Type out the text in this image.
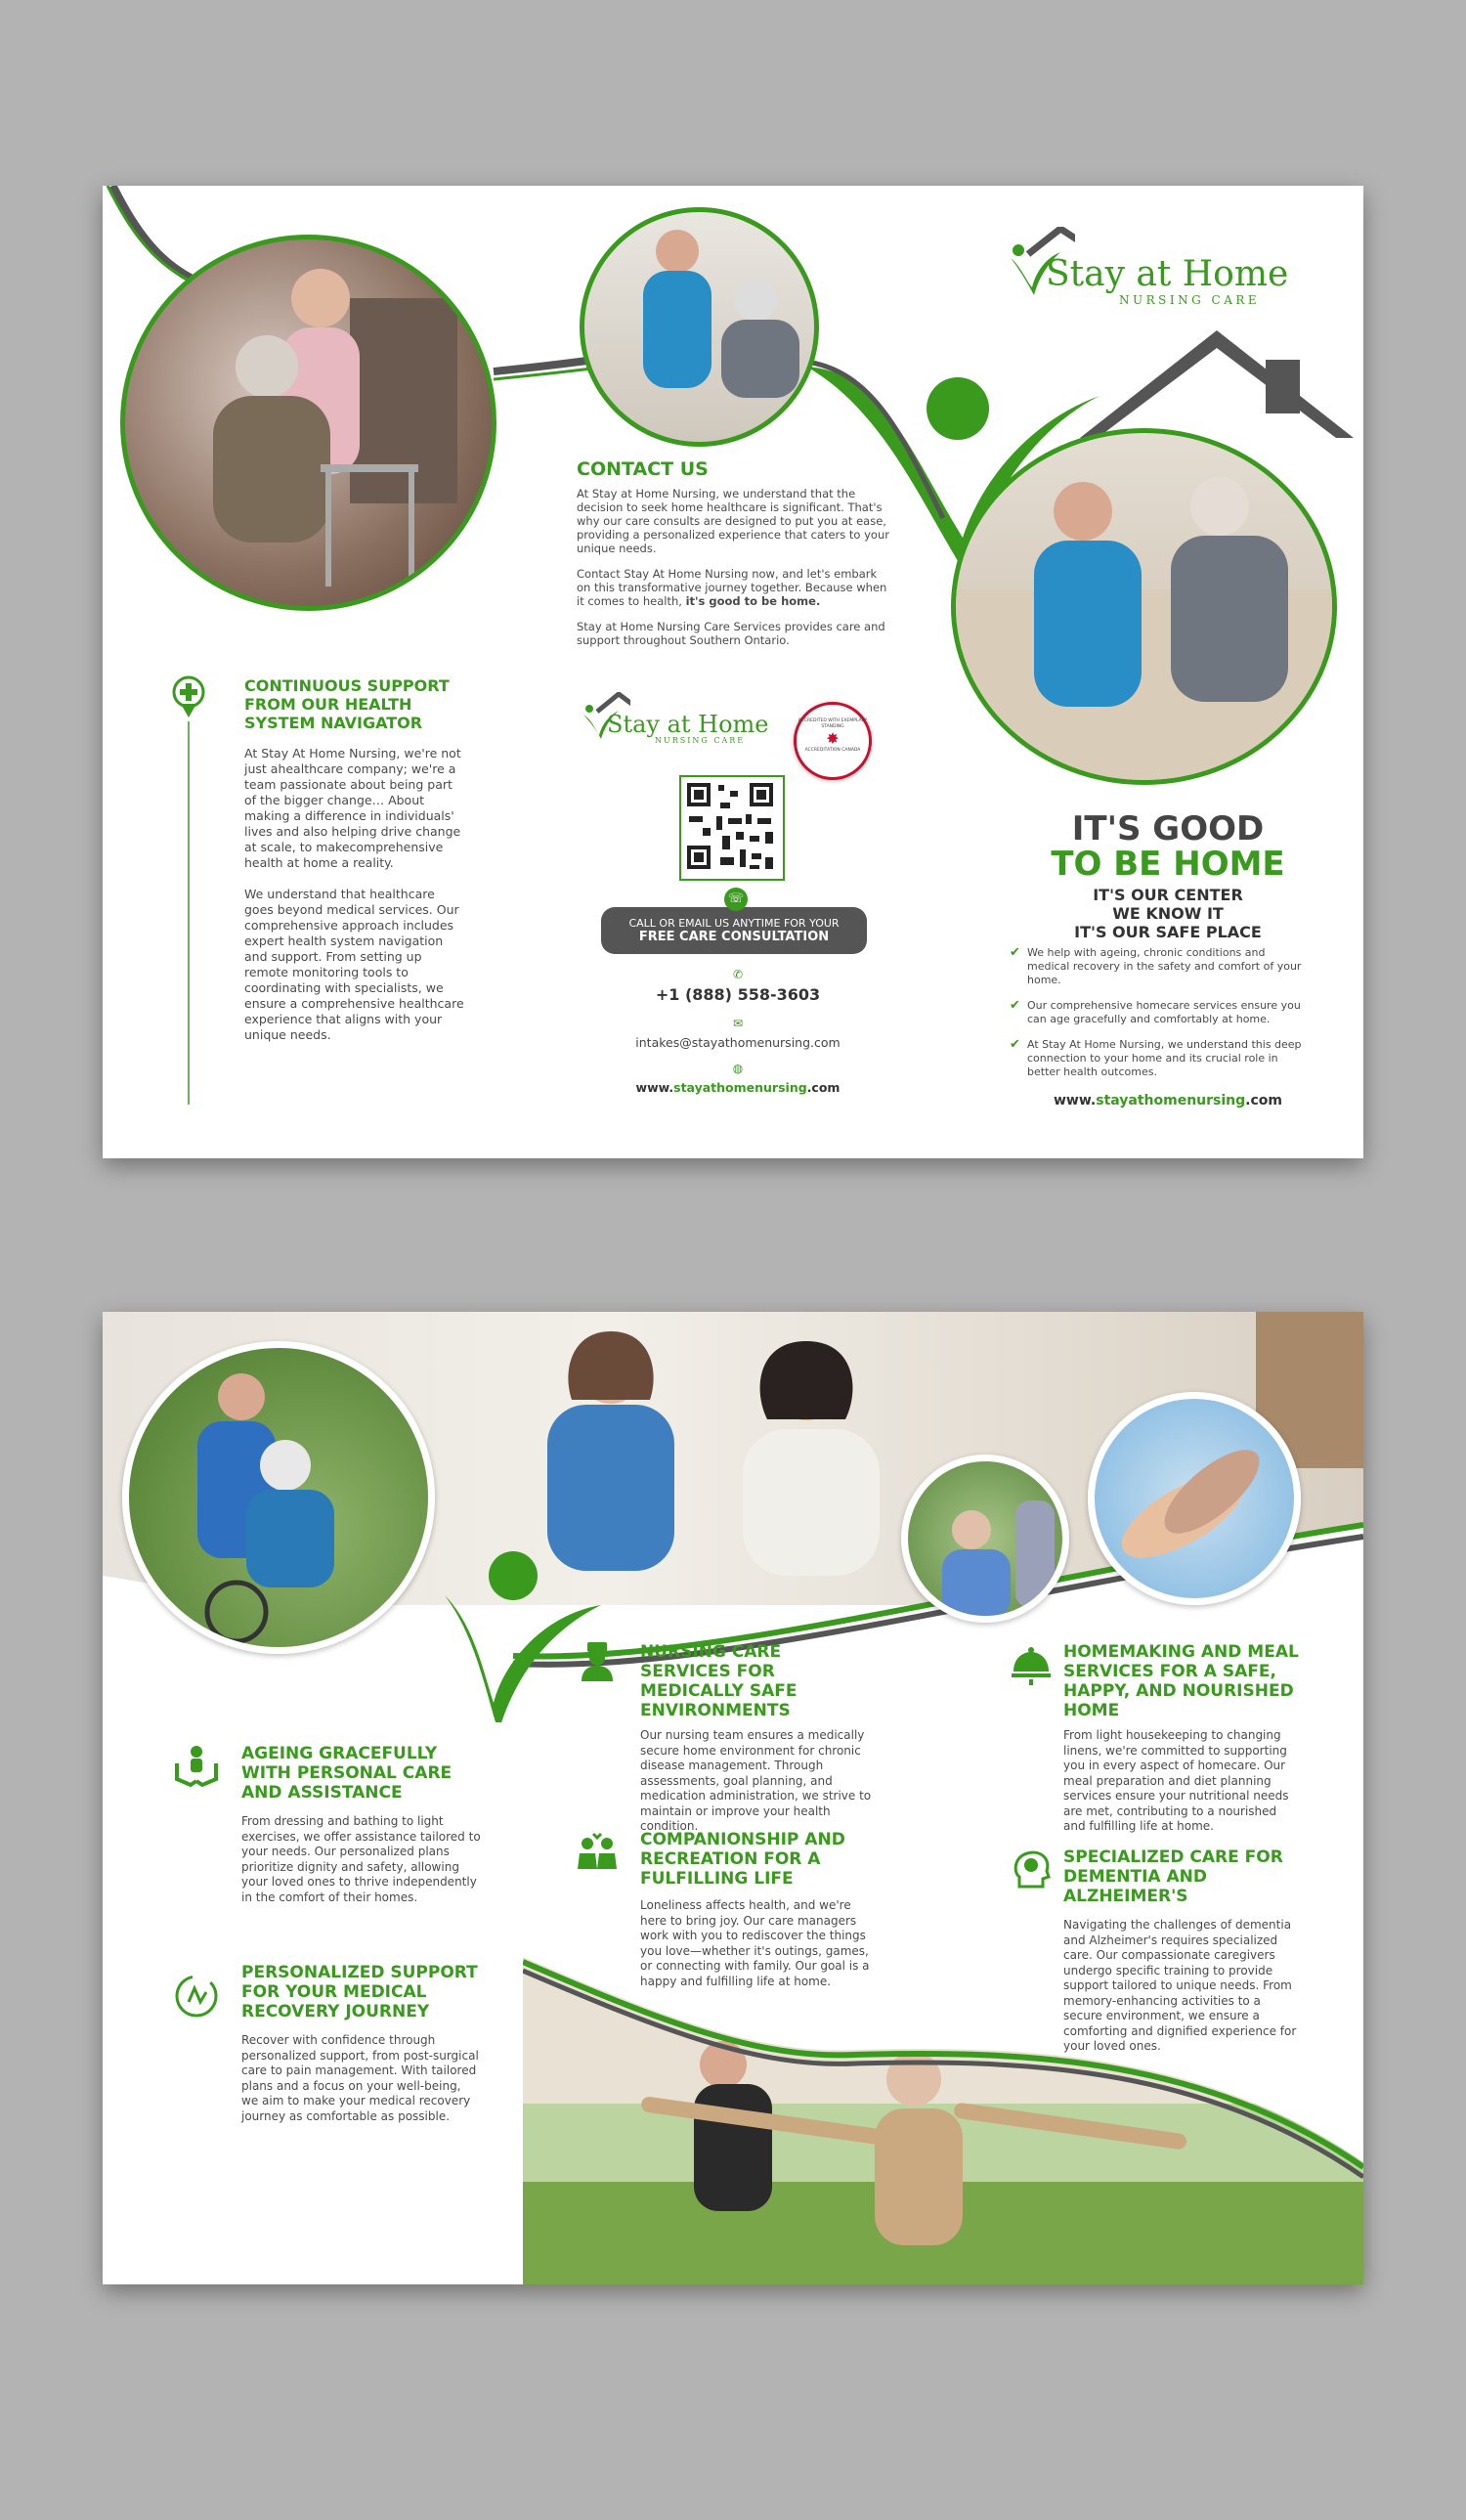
Stay at Home
NURSING CARE

CONTINUOUS SUPPORT FROM OUR HEALTH SYSTEM NAVIGATOR

At Stay At Home Nursing, we're not just ahealthcare company; we're a team passionate about being part of the bigger change… About making a difference in individuals' lives and also helping drive change at scale, to makecomprehensive health at home a reality.

We understand that healthcare goes beyond medical services. Our comprehensive approach includes expert health system navigation and support. From setting up remote monitoring tools to coordinating with specialists, we ensure a comprehensive healthcare experience that aligns with your unique needs.

CONTACT US

At Stay at Home Nursing, we understand that the decision to seek home healthcare is significant. That's why our care consults are designed to put you at ease, providing a personalized experience that caters to your unique needs.

Contact Stay At Home Nursing now, and let's embark on this transformative journey together. Because when it comes to health, it's good to be home.

Stay at Home Nursing Care Services provides care and support throughout Southern Ontario.

Stay at Home
NURSING CARE
ACCREDITED WITH EXEMPLARY STANDING
✸
ACCREDITATION CANADA
☏
CALL OR EMAIL US ANYTIME FOR YOUR
FREE CARE CONSULTATION
✆
+1 (888) 558-3603
✉
intakes@stayathomenursing.com
◍
www.stayathomenursing.com
IT'S GOOD
TO BE HOME
IT'S OUR CENTER
WE KNOW IT
IT'S OUR SAFE PLACE
✔ We help with ageing, chronic conditions and medical recovery in the safety and comfort of your home.
✔ Our comprehensive homecare services ensure you can age gracefully and comfortably at home.
✔ At Stay At Home Nursing, we understand this deep connection to your home and its crucial role in better health outcomes.
www.stayathomenursing.com

AGEING GRACEFULLY WITH PERSONAL CARE AND ASSISTANCE

From dressing and bathing to light exercises, we offer assistance tailored to your needs. Our personalized plans prioritize dignity and safety, allowing your loved ones to thrive independently in the comfort of their homes.

PERSONALIZED SUPPORT FOR YOUR MEDICAL RECOVERY JOURNEY

Recover with confidence through personalized support, from post-surgical care to pain management. With tailored plans and a focus on your well-being, we aim to make your medical recovery journey as comfortable as possible.

NURSING CARE SERVICES FOR MEDICALLY SAFE ENVIRONMENTS

Our nursing team ensures a medically secure home environment for chronic disease management. Through assessments, goal planning, and medication administration, we strive to maintain or improve your health condition.

COMPANIONSHIP AND RECREATION FOR A FULFILLING LIFE

Loneliness affects health, and we're here to bring joy. Our care managers work with you to rediscover the things you love—whether it's outings, games, or connecting with family. Our goal is a happy and fulfilling life at home.

HOMEMAKING AND MEAL SERVICES FOR A SAFE, HAPPY, AND NOURISHED HOME

From light housekeeping to changing linens, we're committed to supporting you in every aspect of homecare. Our meal preparation and diet planning services ensure your nutritional needs are met, contributing to a nourished and fulfilling life at home.

SPECIALIZED CARE FOR DEMENTIA AND ALZHEIMER'S

Navigating the challenges of dementia and Alzheimer's requires specialized care. Our compassionate caregivers undergo specific training to provide support tailored to unique needs. From memory-enhancing activities to a secure environment, we ensure a comforting and dignified experience for your loved ones.
